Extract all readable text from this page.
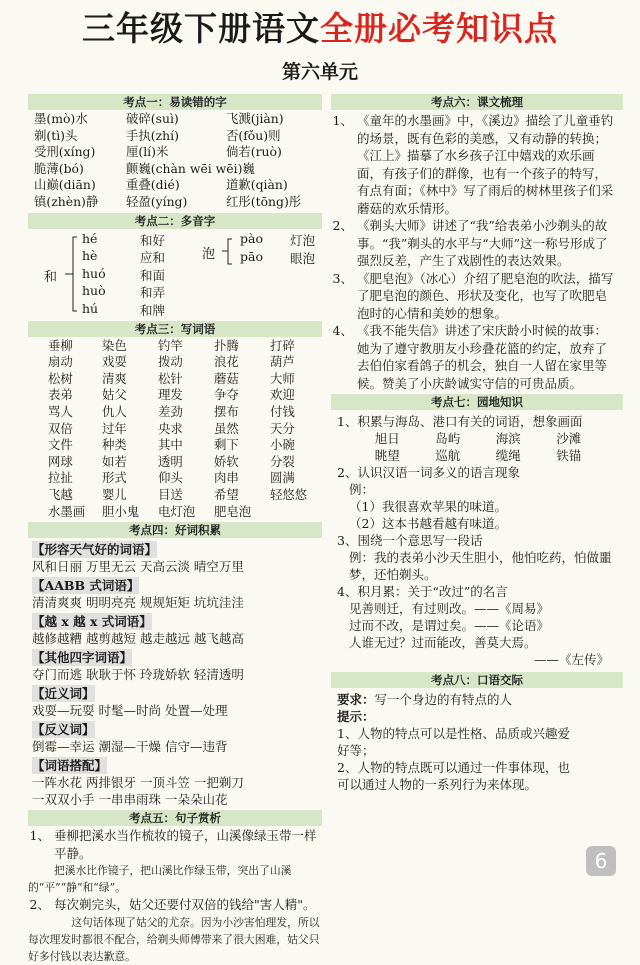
三年级下册语文全册必考知识点
第六单元
考点一：易读错的字
墨(mò)水	破碎(suì)	飞溅(jiàn)
剃(tì)头	手执(zhí)	否(fǒu)则
受刑(xíng)	厘(lí)米	倘若(ruò)
脆薄(bó)	颤巍(chàn wēi wēi)巍	
山巅(diān)	重叠(dié)	道歉(qiàn)
镇(zhèn)静	轻盈(yíng)	红彤(tōng)彤
考点二：多音字
和
泡
hé	和好
hè	应和
huó	和面
huò	和弄
hú	和牌
pào 灯泡
pāo 眼泡
考点三：写词语
垂柳	染色	钓竿	扑腾	打碎
扇动	戏耍	拨动	浪花	葫芦
松树	清爽	松针	蘑菇	大师
表弟	姑父	理发	争夺	欢迎
骂人	仇人	差劲	摆布	付钱
双倍	过年	央求	虽然	天分
文件	种类	其中	剩下	小碗
网球	如若	透明	娇软	分裂
拉扯	形式	仰头	肉串	圆满
飞越	婴儿	目送	希望	轻悠悠
水墨画	胆小鬼	电灯泡	肥皂泡	
考点四：好词积累
【形容天气好的词语】
风和日丽 万里无云 天高云淡 晴空万里
【AABB 式词语】
清清爽爽 明明亮亮 规规矩矩 坑坑洼洼
【越 x 越 x 式词语】
越修越糟 越剪越短 越走越远 越飞越高
【其他四字词语】
夺门而逃 耿耿于怀 玲珑娇软 轻清透明
【近义词】
戏耍—玩耍 时髦—时尚 处置—处理
【反义词】
倒霉—幸运 潮湿—干燥 信守—违背
【词语搭配】
一阵水花 两排银牙 一顶斗笠 一把剃刀
一双双小手 一串串雨珠 一朵朵山花
考点五：句子赏析
1、 垂柳把溪水当作梳妆的镜子，山溪像绿玉带一样平静。
把溪水比作镜子，把山溪比作绿玉带，突出了山溪的“平”“静”和“绿”。
2、 每次剃完头，姑父还要付双倍的钱给"害人精"。
这句话体现了姑父的尤奈。因为小沙害怕理发，所以每次理发时都很不配合，给剃头师傅带来了很大困难，姑父只好多付钱以表达歉意。
考点六：课文梳理
1、 《童年的水墨画》中，《溪边》描绘了儿童垂钓的场景，既有色彩的美感，又有动静的转换；《江上》描摹了水乡孩子江中嬉戏的欢乐画面，有孩子们的群像，也有一个孩子的特写，有点有面；《林中》写了雨后的树林里孩子们采蘑菇的欢乐情形。
2、 《剃头大师》讲述了“我”给表弟小沙剃头的故事。“我”剃头的水平与“大师”这一称号形成了强烈反差，产生了戏剧性的表达效果。
3、 《肥皂泡》（冰心）介绍了肥皂泡的吹法，描写了肥皂泡的颜色、形状及变化，也写了吹肥皂泡时的心情和美妙的想象。
4、 《我不能失信》讲述了宋庆龄小时候的故事：她为了遵守教朋友小珍叠花篮的约定，放弃了去伯伯家看鸽子的机会，独自一人留在家里等候。赞美了小庆龄诚实守信的可贵品质。
考点七：园地知识

1、积累与海岛、港口有关的词语，想象画面

旭日	岛屿	海滨	沙滩
眺望	巡航	缆绳	铁锚

2、认识汉语一词多义的语言现象

例：

（1）我很喜欢苹果的味道。

（2）这本书越看越有味道。

3、围绕一个意思写一段话

例：我的表弟小沙天生胆小，他怕吃药，怕做噩梦，还怕剃头。

4、积月累：关于“改过”的名言

见善则迁，有过则改。——《周易》

过而不改，是谓过矣。——《论语》

人谁无过？过而能改，善莫大焉。

——《左传》

考点八：口语交际

要求：写一个身边的有特点的人

提示：

1、人物的特点可以是性格、品质或兴趣爱好等；

2、人物的特点既可以通过一件事体现，也可以通过人物的一系列行为来体现。

6
